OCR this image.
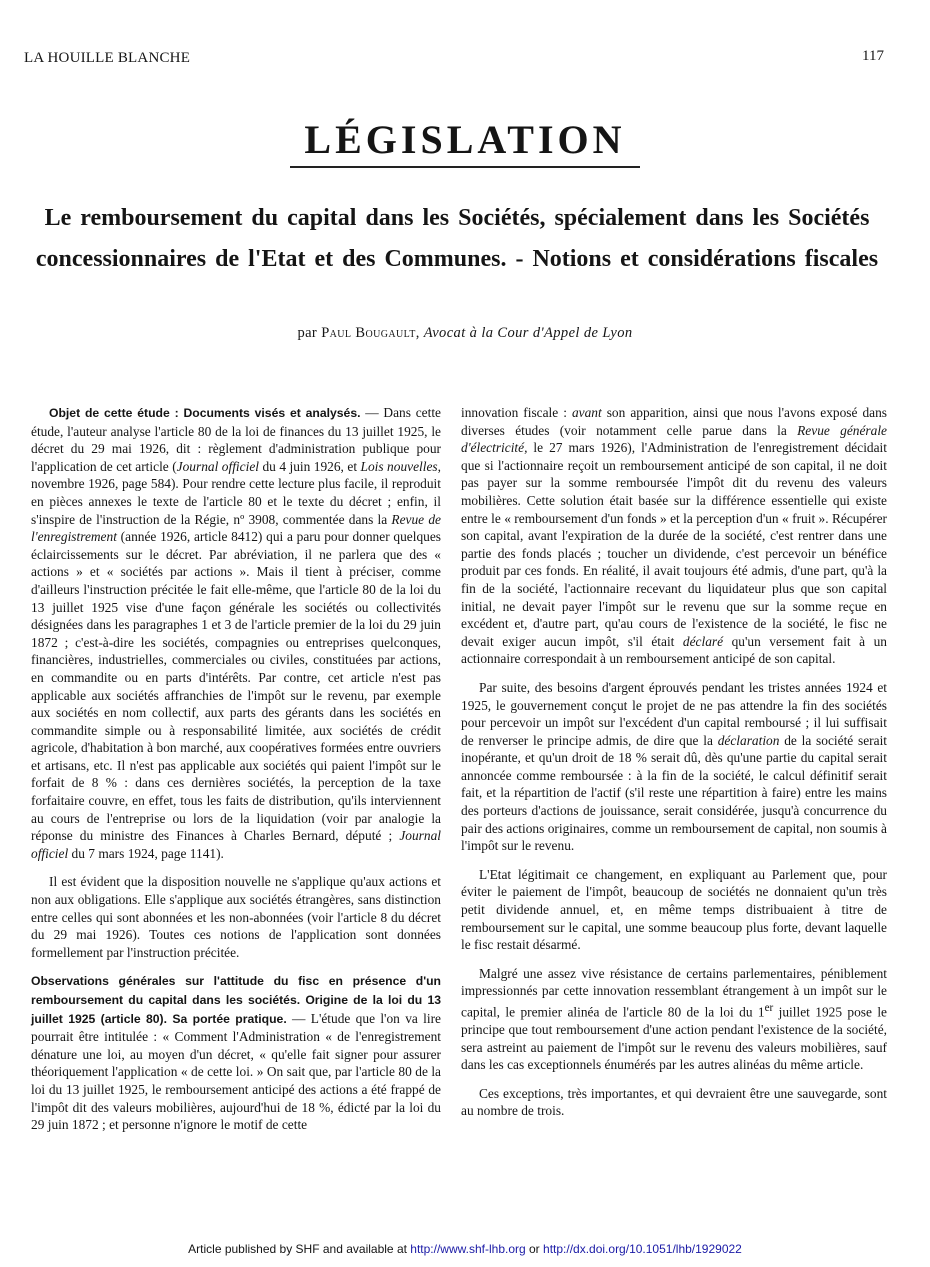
LA HOUILLE BLANCHE	117
LÉGISLATION
Le remboursement du capital dans les Sociétés, spécialement dans les Sociétés concessionnaires de l'Etat et des Communes. - Notions et considérations fiscales
par Paul Bougault, Avocat à la Cour d'Appel de Lyon

Objet de cette étude : Documents visés et analysés. — Dans cette étude, l'auteur analyse l'article 80 de la loi de finances du 13 juillet 1925, le décret du 29 mai 1926, dit : règlement d'administration publique pour l'application de cet article (Journal officiel du 4 juin 1926, et Lois nouvelles, novembre 1926, page 584). Pour rendre cette lecture plus facile, il reproduit en pièces annexes le texte de l'article 80 et le texte du décret ; enfin, il s'inspire de l'instruction de la Régie, nº 3908, commentée dans la Revue de l'enregistrement (année 1926, article 8412) qui a paru pour donner quelques éclaircissements sur le décret. Par abréviation, il ne parlera que des « actions » et « sociétés par actions ». Mais il tient à préciser, comme d'ailleurs l'instruction précitée le fait elle-même, que l'article 80 de la loi du 13 juillet 1925 vise d'une façon générale les sociétés ou collectivités désignées dans les paragraphes 1 et 3 de l'article premier de la loi du 29 juin 1872 ; c'est-à-dire les sociétés, compagnies ou entreprises quelconques, financières, industrielles, commerciales ou civiles, constituées par actions, en commandite ou en parts d'intérêts. Par contre, cet article n'est pas applicable aux sociétés affranchies de l'impôt sur le revenu, par exemple aux sociétés en nom collectif, aux parts des gérants dans les sociétés en commandite simple ou à responsabilité limitée, aux sociétés de crédit agricole, d'habitation à bon marché, aux coopératives formées entre ouvriers et artisans, etc. Il n'est pas applicable aux sociétés qui paient l'impôt sur le forfait de 8 % : dans ces dernières sociétés, la perception de la taxe forfaitaire couvre, en effet, tous les faits de distribution, qu'ils interviennent au cours de l'entreprise ou lors de la liquidation (voir par analogie la réponse du ministre des Finances à Charles Bernard, député ; Journal officiel du 7 mars 1924, page 1141).

Il est évident que la disposition nouvelle ne s'applique qu'aux actions et non aux obligations. Elle s'applique aux sociétés étrangères, sans distinction entre celles qui sont abonnées et les non-abonnées (voir l'article 8 du décret du 29 mai 1926). Toutes ces notions de l'application sont données formellement par l'instruction précitée.

Observations générales sur l'attitude du fisc en présence d'un remboursement du capital dans les sociétés. Origine de la loi du 13 juillet 1925 (article 80). Sa portée pratique. — L'étude que l'on va lire pourrait être intitulée : « Comment l'Administration « de l'enregistrement dénature une loi, au moyen d'un décret, « qu'elle fait signer pour assurer théoriquement l'application « de cette loi. » On sait que, par l'article 80 de la loi du 13 juillet 1925, le remboursement anticipé des actions a été frappé de l'impôt dit des valeurs mobilières, aujourd'hui de 18 %, édicté par la loi du 29 juin 1872 ; et personne n'ignore le motif de cette

innovation fiscale : avant son apparition, ainsi que nous l'avons exposé dans diverses études (voir notamment celle parue dans la Revue générale d'électricité, le 27 mars 1926), l'Administration de l'enregistrement décidait que si l'actionnaire reçoit un remboursement anticipé de son capital, il ne doit pas payer sur la somme remboursée l'impôt dit du revenu des valeurs mobilières. Cette solution était basée sur la différence essentielle qui existe entre le « remboursement d'un fonds » et la perception d'un « fruit ». Récupérer son capital, avant l'expiration de la durée de la société, c'est rentrer dans une partie des fonds placés ; toucher un dividende, c'est percevoir un bénéfice produit par ces fonds. En réalité, il avait toujours été admis, d'une part, qu'à la fin de la société, l'actionnaire recevant du liquidateur plus que son capital initial, ne devait payer l'impôt sur le revenu que sur la somme reçue en excédent et, d'autre part, qu'au cours de l'existence de la société, le fisc ne devait exiger aucun impôt, s'il était déclaré qu'un versement fait à un actionnaire correspondait à un remboursement anticipé de son capital.

Par suite, des besoins d'argent éprouvés pendant les tristes années 1924 et 1925, le gouvernement conçut le projet de ne pas attendre la fin des sociétés pour percevoir un impôt sur l'excédent d'un capital remboursé ; il lui suffisait de renverser le principe admis, de dire que la déclaration de la société serait inopérante, et qu'un droit de 18 % serait dû, dès qu'une partie du capital serait annoncée comme remboursée : à la fin de la société, le calcul définitif serait fait, et la répartition de l'actif (s'il reste une répartition à faire) entre les mains des porteurs d'actions de jouissance, serait considérée, jusqu'à concurrence du pair des actions originaires, comme un remboursement de capital, non soumis à l'impôt sur le revenu.

L'Etat légitimait ce changement, en expliquant au Parlement que, pour éviter le paiement de l'impôt, beaucoup de sociétés ne donnaient qu'un très petit dividende annuel, et, en même temps distribuaient à titre de remboursement sur le capital, une somme beaucoup plus forte, devant laquelle le fisc restait désarmé.

Malgré une assez vive résistance de certains parlementaires, péniblement impressionnés par cette innovation ressemblant étrangement à un impôt sur le capital, le premier alinéa de l'article 80 de la loi du 1er juillet 1925 pose le principe que tout remboursement d'une action pendant l'existence de la société, sera astreint au paiement de l'impôt sur le revenu des valeurs mobilières, sauf dans les cas exceptionnels énumérés par les autres alinéas du même article.

Ces exceptions, très importantes, et qui devraient être une sauvegarde, sont au nombre de trois.

Article published by SHF and available at http://www.shf-lhb.org or http://dx.doi.org/10.1051/lhb/1929022
